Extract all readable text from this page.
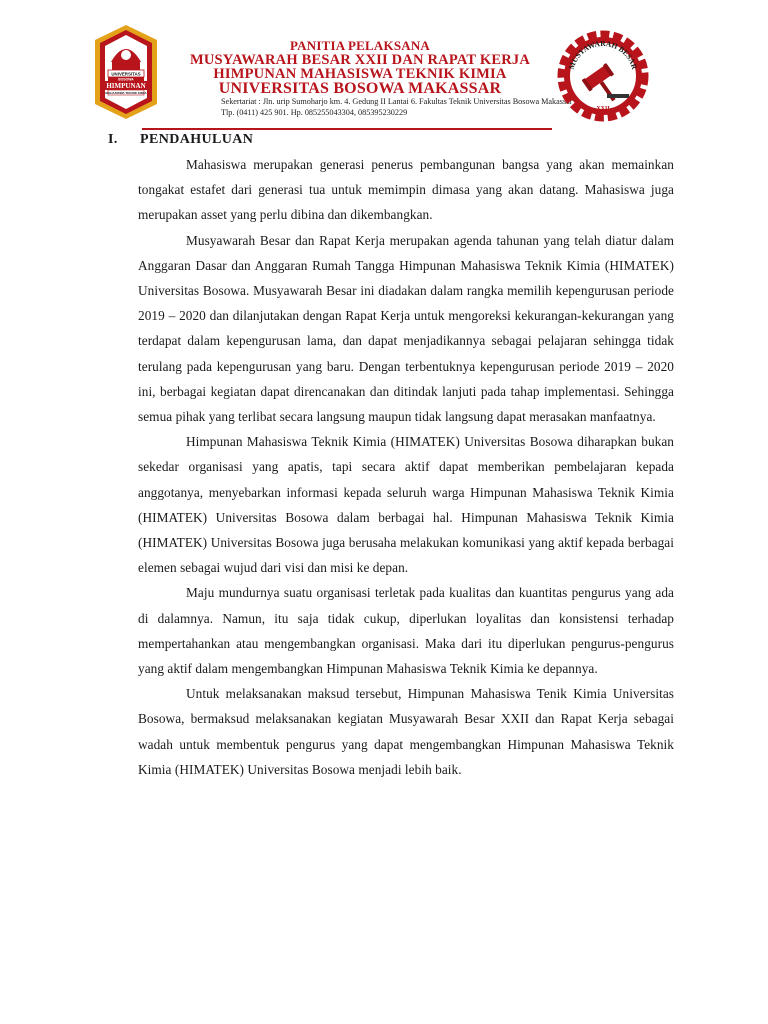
UNIVERSITAS
BOSOWA
HIMPUNAN
MAHASISWA TEKNIK KIMIA
PANITIA PELAKSANA
MUSYAWARAH BESAR XXII DAN RAPAT KERJA
HIMPUNAN MAHASISWA TEKNIK KIMIA
UNIVERSITAS BOSOWA MAKASSAR
Sekertariat : Jln. urip Sumoharjo km. 4. Gedung II Lantai 6. Fakultas Teknik Universitas Bosowa Makassar
Tlp. (0411) 425 901. Hp. 085255043304, 085395230229
MUSYAWARAH BESAR
XXII
I. PENDAHULUAN

Mahasiswa merupakan generasi penerus pembangunan bangsa yang akan memainkan tongakat estafet dari generasi tua untuk memimpin dimasa yang akan datang. Mahasiswa juga merupakan asset yang perlu dibina dan dikembangkan.

Musyawarah Besar dan Rapat Kerja merupakan agenda tahunan yang telah diatur dalam Anggaran Dasar dan Anggaran Rumah Tangga Himpunan Mahasiswa Teknik Kimia (HIMATEK) Universitas Bosowa. Musyawarah Besar ini diadakan dalam rangka memilih kepengurusan periode 2019 – 2020 dan dilanjutakan dengan Rapat Kerja untuk mengoreksi kekurangan-kekurangan yang terdapat dalam kepengurusan lama, dan dapat menjadikannya sebagai pelajaran sehingga tidak terulang pada kepengurusan yang baru. Dengan terbentuknya kepengurusan periode 2019 – 2020 ini, berbagai kegiatan dapat direncanakan dan ditindak lanjuti pada tahap implementasi. Sehingga semua pihak yang terlibat secara langsung maupun tidak langsung dapat merasakan manfaatnya.

Himpunan Mahasiswa Teknik Kimia (HIMATEK) Universitas Bosowa diharapkan bukan sekedar organisasi yang apatis, tapi secara aktif dapat memberikan pembelajaran kepada anggotanya, menyebarkan informasi kepada seluruh warga Himpunan Mahasiswa Teknik Kimia (HIMATEK) Universitas Bosowa dalam berbagai hal. Himpunan Mahasiswa Teknik Kimia (HIMATEK) Universitas Bosowa juga berusaha melakukan komunikasi yang aktif kepada berbagai elemen sebagai wujud dari visi dan misi ke depan.

Maju mundurnya suatu organisasi terletak pada kualitas dan kuantitas pengurus yang ada di dalamnya. Namun, itu saja tidak cukup, diperlukan loyalitas dan konsistensi terhadap mempertahankan atau mengembangkan organisasi. Maka dari itu diperlukan pengurus-pengurus yang aktif dalam mengembangkan Himpunan Mahasiswa Teknik Kimia ke depannya.

Untuk melaksanakan maksud tersebut, Himpunan Mahasiswa Tenik Kimia Universitas Bosowa, bermaksud melaksanakan kegiatan Musyawarah Besar XXII dan Rapat Kerja sebagai wadah untuk membentuk pengurus yang dapat mengembangkan Himpunan Mahasiswa Teknik Kimia (HIMATEK) Universitas Bosowa menjadi lebih baik.
